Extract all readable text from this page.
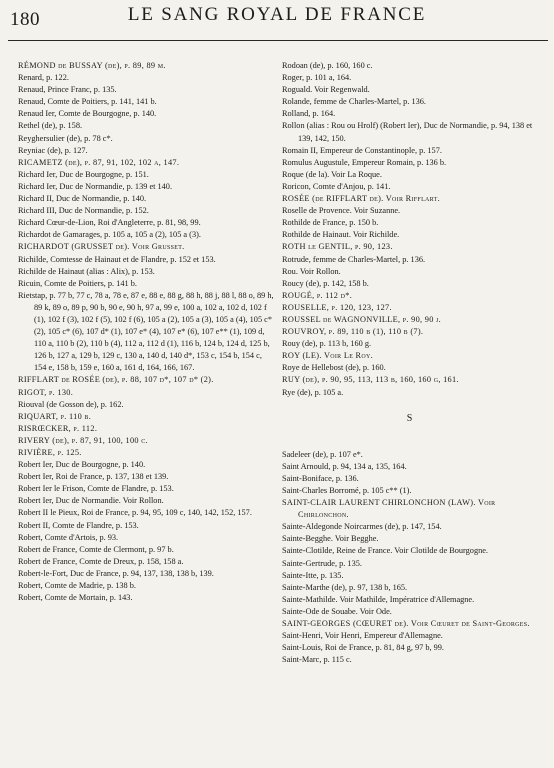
180	LE SANG ROYAL DE FRANCE

RÉMOND de BUSSAY (de), p. 89, 89 m.

Renard, p. 122.

Renaud, Prince Franc, p. 135.

Renaud, Comte de Poitiers, p. 141, 141 b.

Renaud Ier, Comte de Bourgogne, p. 140.

Rethel (de), p. 158.

Reyghersulier (de), p. 78 c*.

Reyniac (de), p. 127.

RICAMETZ (de), p. 87, 91, 102, 102 a, 147.

Richard Ier, Duc de Bourgogne, p. 151.

Richard Ier, Duc de Normandie, p. 139 et 140.

Richard II, Duc de Normandie, p. 140.

Richard III, Duc de Normandie, p. 152.

Richard Cœur-de-Lion, Roi d'Angleterre, p. 81, 98, 99.

Richardot de Gamarages, p. 105 a, 105 a (2), 105 a (3).

RICHARDOT (GRUSSET de). Voir Grusset.

Richilde, Comtesse de Hainaut et de Flandre, p. 152 et 153.

Richilde de Hainaut (alias : Alix), p. 153.

Ricuin, Comte de Poitiers, p. 141 b.

Rietstap, p. 77 b, 77 c, 78 a, 78 e, 87 e, 88 e, 88 g, 88 h, 88 j, 88 l, 88 o, 89 h, 89 k, 89 o, 89 p, 90 b, 90 e, 90 h, 97 a, 99 e, 100 a, 102 a, 102 d, 102 f (1), 102 f (3), 102 f (5), 102 f (6), 105 a (2), 105 a (3), 105 a (4), 105 c* (2), 105 c* (6), 107 d* (1), 107 e* (4), 107 e* (6), 107 e** (1), 109 d, 110 a, 110 b (2), 110 b (4), 112 a, 112 d (1), 116 b, 124 b, 124 d, 125 b, 126 b, 127 a, 129 b, 129 c, 130 a, 140 d, 140 d*, 153 c, 154 b, 154 c, 154 e, 158 b, 159 e, 160 a, 161 d, 164, 166, 167.

RIFFLART de ROSÉE (de), p. 88, 107 d*, 107 d* (2).

RIGOT, p. 130.

Riouval (de Gosson de), p. 162.

RIQUART, p. 110 b.

RISRŒCKER, p. 112.

RIVERY (de), p. 87, 91, 100, 100 c.

RIVIÈRE, p. 125.

Robert Ier, Duc de Bourgogne, p. 140.

Robert Ier, Roi de France, p. 137, 138 et 139.

Robert Ier le Frison, Comte de Flandre, p. 153.

Robert Ier, Duc de Normandie. Voir Rollon.

Robert II le Pieux, Roi de France, p. 94, 95, 109 c, 140, 142, 152, 157.

Robert II, Comte de Flandre, p. 153.

Robert, Comte d'Artois, p. 93.

Robert de France, Comte de Clermont, p. 97 b.

Robert de France, Comte de Dreux, p. 158, 158 a.

Robert-le-Fort, Duc de France, p. 94, 137, 138, 138 b, 139.

Robert, Comte de Madrie, p. 138 b.

Robert, Comte de Mortain, p. 143.

Rodoan (de), p. 160, 160 c.

Roger, p. 101 a, 164.

Roguald. Voir Regenwald.

Rolande, femme de Charles-Martel, p. 136.

Rolland, p. 164.

Rollon (alias : Rou ou Hrolf) (Robert Ier), Duc de Normandie, p. 94, 138 et 139, 142, 150.

Romain II, Empereur de Constantinople, p. 157.

Romulus Augustule, Empereur Romain, p. 136 b.

Roque (de la). Voir La Roque.

Roricon, Comte d'Anjou, p. 141.

ROSÉE (de RIFFLART de). Voir Rifflart.

Roselle de Provence. Voir Suzanne.

Rothilde de France, p. 150 b.

Rothilde de Hainaut. Voir Richilde.

ROTH le GENTIL, p. 90, 123.

Rotrude, femme de Charles-Martel, p. 136.

Rou. Voir Rollon.

Roucy (de), p. 142, 158 b.

ROUGÉ, p. 112 d*.

ROUSELLE, p. 120, 123, 127.

ROUSSEL de WAGNONVILLE, p. 90, 90 j.

ROUVROY, p. 89, 110 b (1), 110 b (7).

Rouy (de), p. 113 b, 160 g.

ROY (LE). Voir Le Roy.

Roye de Hellebost (de), p. 160.

RUY (de), p. 90, 95, 113, 113 b, 160, 160 g, 161.

Rye (de), p. 105 a.

S

Sadeleer (de), p. 107 e*.

Saint Arnould, p. 94, 134 a, 135, 164.

Saint-Boniface, p. 136.

Saint-Charles Borromé, p. 105 c** (1).

SAINT-CLAIR LAURENT CHIRLONCHON (LAW). Voir Chirlonchon.

Sainte-Aldegonde Noircarmes (de), p. 147, 154.

Sainte-Begghe. Voir Begghe.

Sainte-Clotilde, Reine de France. Voir Clotilde de Bourgogne.

Sainte-Gertrude, p. 135.

Sainte-Itte, p. 135.

Sainte-Marthe (de), p. 97, 138 b, 165.

Sainte-Mathilde. Voir Mathilde, Impératrice d'Allemagne.

Sainte-Ode de Souabe. Voir Ode.

SAINT-GEORGES (CŒURET de). Voir Cœuret de Saint-Georges.

Saint-Henri, Voir Henri, Empereur d'Allemagne.

Saint-Louis, Roi de France, p. 81, 84 g, 97 b, 99.

Saint-Marc, p. 115 c.
